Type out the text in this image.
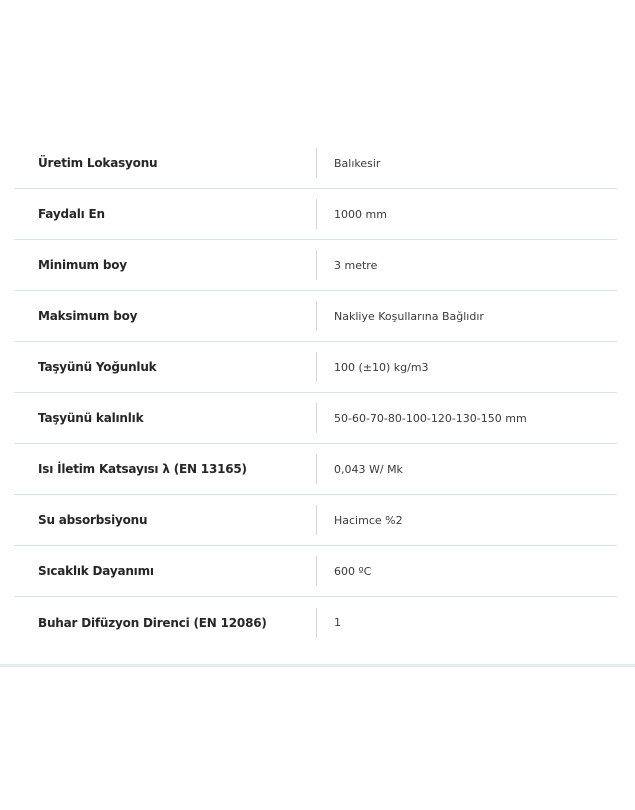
Üretim Lokasyonu	Balıkesir
Faydalı En	1000 mm
Minimum boy	3 metre
Maksimum boy	Nakliye Koşullarına Bağlıdır
Taşyünü Yoğunluk	100 (±10) kg/m3
Taşyünü kalınlık	50-60-70-80-100-120-130-150 mm
Isı İletim Katsayısı λ (EN 13165)	0,043 W/ Mk
Su absorbsiyonu	Hacimce %2
Sıcaklık Dayanımı	600 ºC
Buhar Difüzyon Direnci (EN 12086)	1
